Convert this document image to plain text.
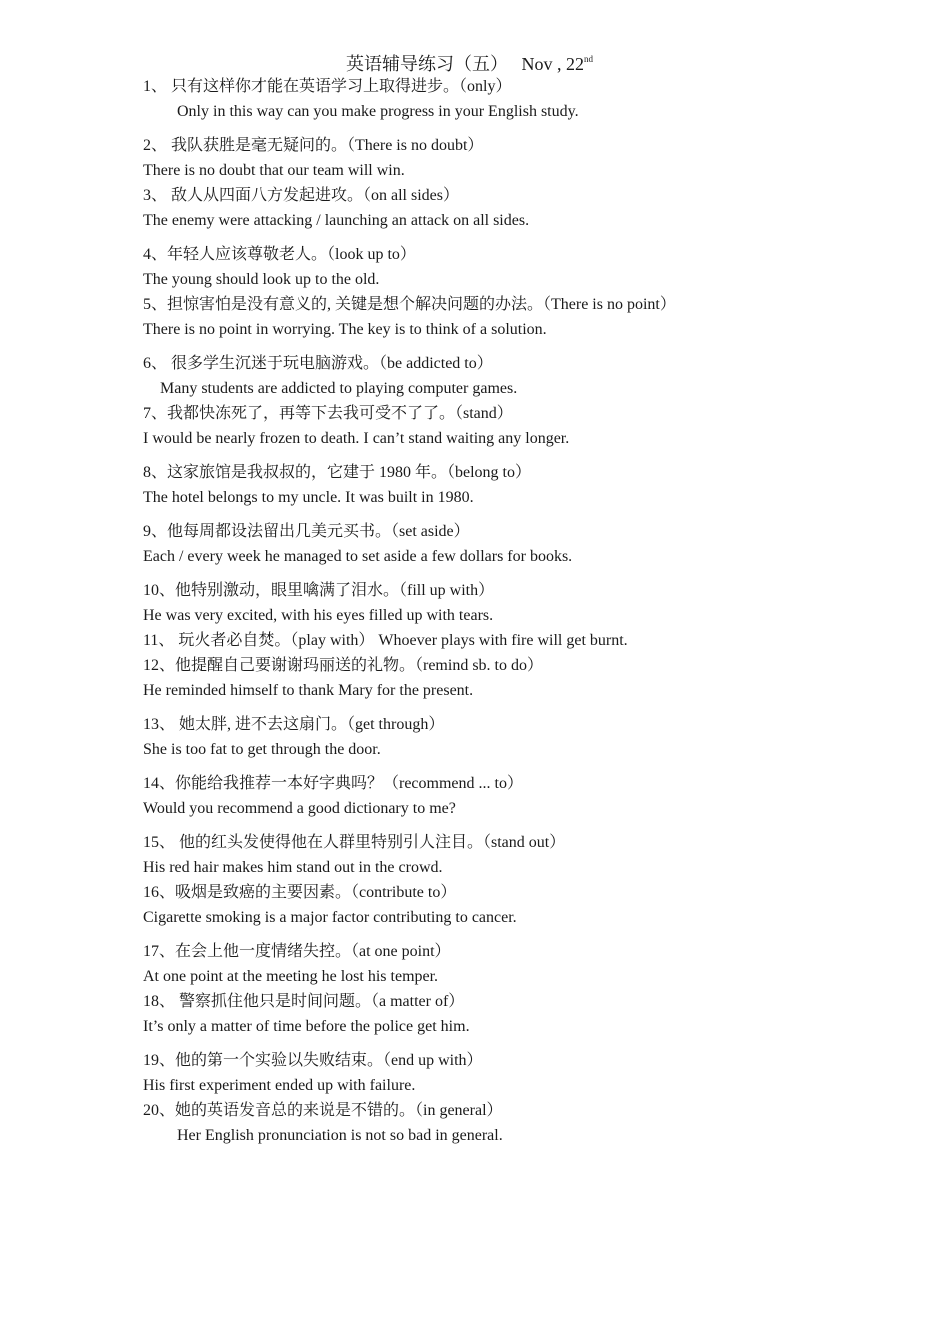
英语辅导练习（五） Nov , 22nd
1、 只有这样你才能在英语学习上取得进步。（only）
Only in this way can you make progress in your English study.
2、 我队获胜是毫无疑问的。（There is no doubt）
There is no doubt that our team will win.
3、 敌人从四面八方发起进攻。（on all sides）
The enemy were attacking / launching an attack on all sides.
4、年轻人应该尊敬老人。（look up to）
The young should look up to the old.
5、担惊害怕是没有意义的, 关键是想个解决问题的办法。（There is no point）
There is no point in worrying. The key is to think of a solution.
6、 很多学生沉迷于玩电脑游戏。（be addicted to）
Many students are addicted to playing computer games.
7、我都快冻死了，再等下去我可受不了了。（stand）
I would be nearly frozen to death. I can’t stand waiting any longer.
8、这家旅馆是我叔叔的，它建于 1980 年。（belong to）
The hotel belongs to my uncle. It was built in 1980.
9、他每周都设法留出几美元买书。（set aside）
Each / every week he managed to set aside a few dollars for books.
10、他特别激动，眼里噙满了泪水。（fill up with）
He was very excited, with his eyes filled up with tears.
11、 玩火者必自焚。（play with） Whoever plays with fire will get burnt.
12、他提醒自己要谢谢玛丽送的礼物。（remind sb. to do）
He reminded himself to thank Mary for the present.
13、 她太胖, 进不去这扇门。（get through）
She is too fat to get through the door.
14、你能给我推荐一本好字典吗？（recommend ... to）
Would you recommend a good dictionary to me?
15、 他的红头发使得他在人群里特别引人注目。（stand out）
His red hair makes him stand out in the crowd.
16、吸烟是致癌的主要因素。（contribute to）
Cigarette smoking is a major factor contributing to cancer.
17、在会上他一度情绪失控。（at one point）
At one point at the meeting he lost his temper.
18、 警察抓住他只是时间问题。（a matter of）
It’s only a matter of time before the police get him.
19、他的第一个实验以失败结束。（end up with）
His first experiment ended up with failure.
20、她的英语发音总的来说是不错的。（in general）
Her English pronunciation is not so bad in general.
